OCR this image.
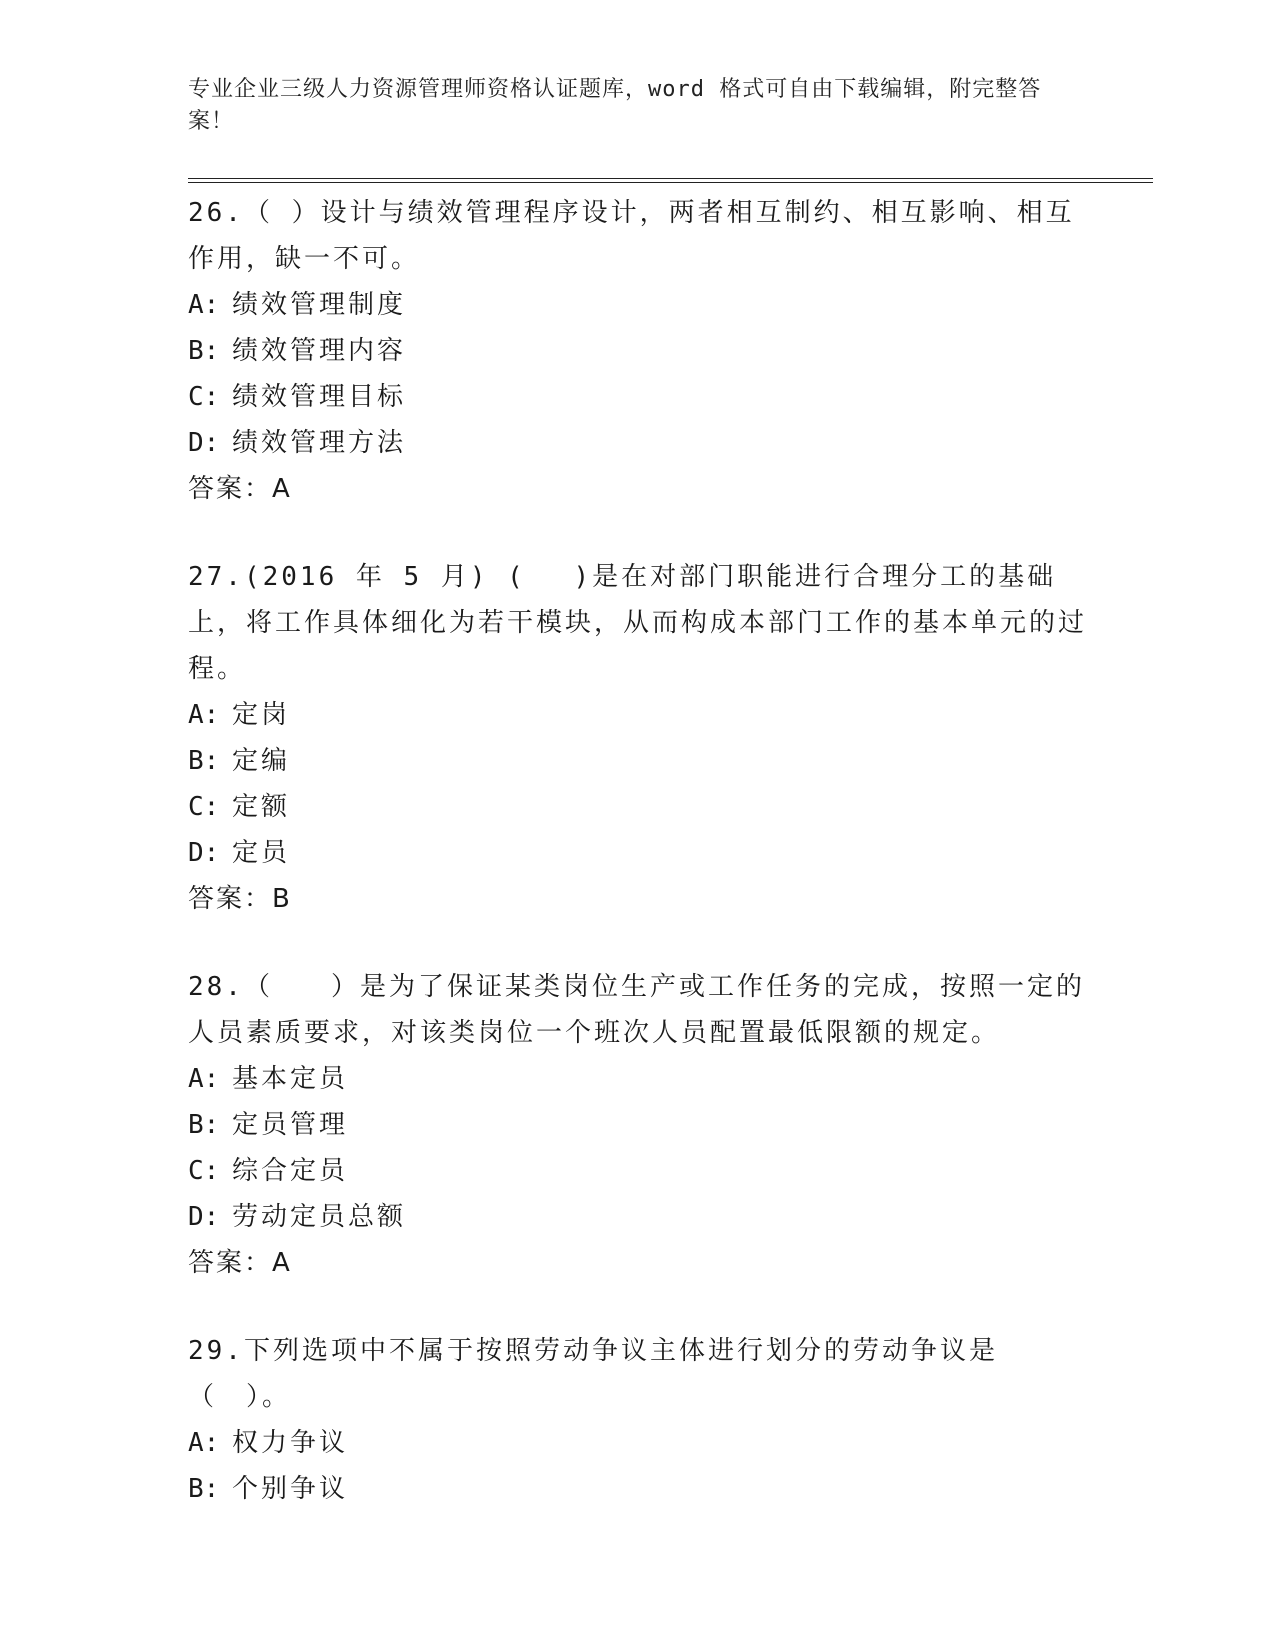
专业企业三级人力资源管理师资格认证题库，word 格式可自由下载编辑，附完整答案！

26.（ ）设计与绩效管理程序设计，两者相互制约、相互影响、相互作用，缺一不可。

A: 绩效管理制度

B: 绩效管理内容

C: 绩效管理目标

D: 绩效管理方法

答案：A

27.(2016 年 5 月) (　 )是在对部门职能进行合理分工的基础上，将工作具体细化为若干模块，从而构成本部门工作的基本单元的过程。

A: 定岗

B: 定编

C: 定额

D: 定员

答案：B

28.（　　）是为了保证某类岗位生产或工作任务的完成，按照一定的人员素质要求，对该类岗位一个班次人员配置最低限额的规定。

A: 基本定员

B: 定员管理

C: 综合定员

D: 劳动定员总额

答案：A

29.下列选项中不属于按照劳动争议主体进行划分的劳动争议是（　）。

A: 权力争议

B: 个别争议
